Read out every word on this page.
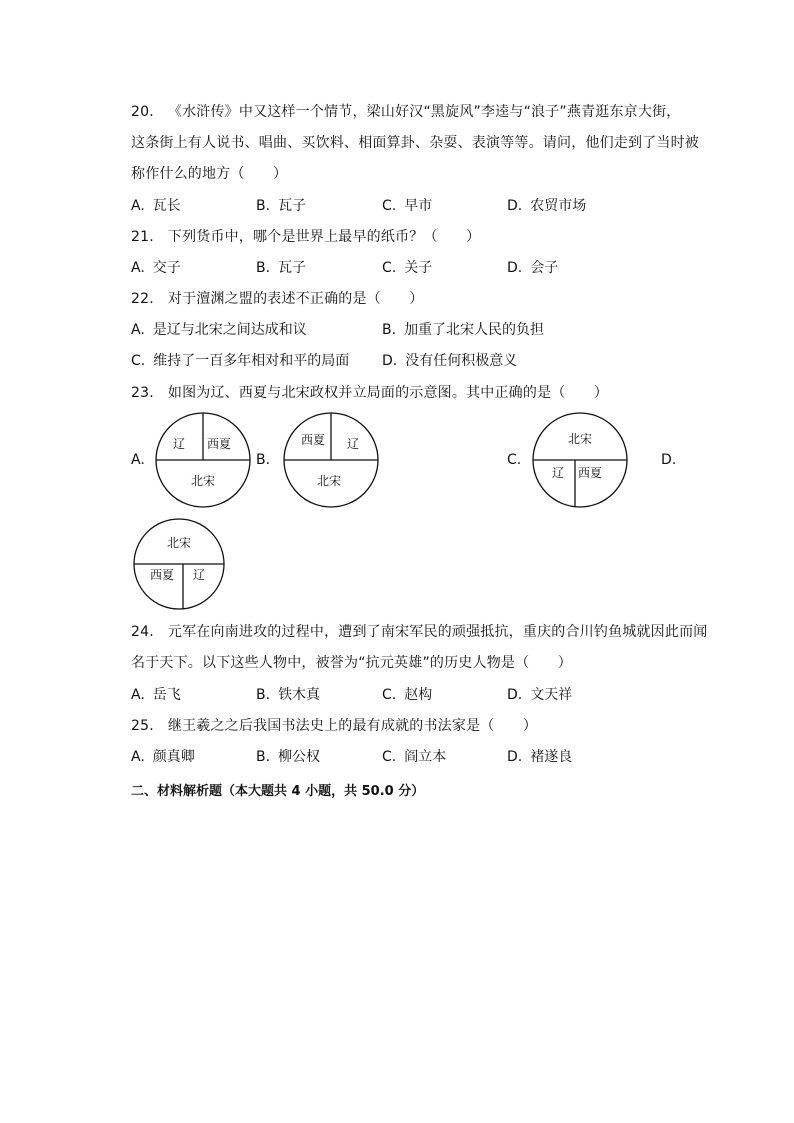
20. 《水浒传》中又这样一个情节，梁山好汉“黑旋风”李逵与“浪子”燕青逛东京大街，
这条街上有人说书、唱曲、买饮料、相面算卦、杂耍、表演等等。请问，他们走到了当时被
称作什么的地方（　　）
A. 瓦长	B. 瓦子	C. 早市	D. 农贸市场
21. 下列货币中，哪个是世界上最早的纸币？（　　）
A. 交子	B. 瓦子	C. 关子	D. 会子
22. 对于澶渊之盟的表述不正确的是（　　）
A. 是辽与北宋之间达成和议	B. 加重了北宋人民的负担
C. 维持了一百多年相对和平的局面 D. 没有任何积极意义
23. 如图为辽、西夏与北宋政权并立局面的示意图。其中正确的是（　　）
A.
辽 西夏
北宋
B.
西夏 辽
北宋
C.
北宋
辽 西夏
D.
北宋
西夏 辽
24. 元军在向南进攻的过程中，遭到了南宋军民的顽强抵抗，重庆的合川钓鱼城就因此而闻
名于天下。以下这些人物中，被誉为“抗元英雄”的历史人物是（　　）
A. 岳飞	B. 铁木真	C. 赵构	D. 文天祥
25. 继王羲之之后我国书法史上的最有成就的书法家是（　　）
A. 颜真卿	B. 柳公权	C. 阎立本	D. 褚遂良
二、材料解析题（本大题共 4 小题，共 50.0 分）
